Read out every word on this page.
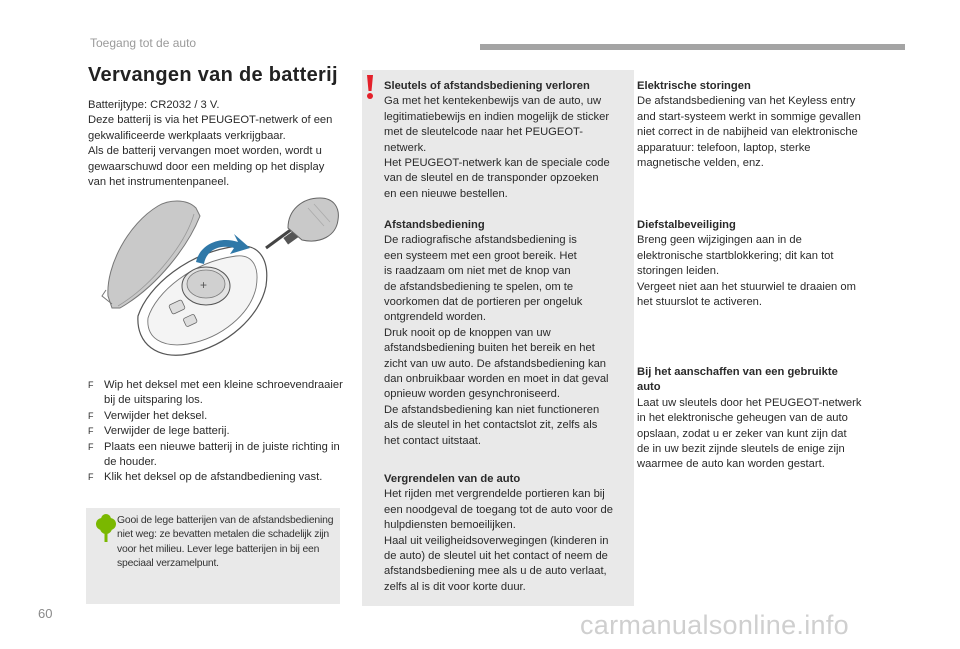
Toegang tot de auto
Vervangen van de batterij

Batterijtype: CR2032 / 3 V.

Deze batterij is via het PEUGEOT-netwerk of een gekwalificeerde werkplaats verkrijgbaar.

Als de batterij vervangen moet worden, wordt u gewaarschuwd door een melding op het display van het instrumentenpaneel.

+
F Wip het deksel met een kleine schroevendraaier bij de uitsparing los.
F Verwijder het deksel.
F Verwijder de lege batterij.
F Plaats een nieuwe batterij in de juiste richting in de houder.
F Klik het deksel op de afstandbediening vast.
Gooi de lege batterijen van de afstandsbediening niet weg: ze bevatten metalen die schadelijk zijn voor het milieu. Lever lege batterijen in bij een speciaal verzamelpunt.
Sleutels of afstandsbediening verloren
Ga met het kentekenbewijs van de auto, uw
legitimatiebewijs en indien mogelijk de sticker
met de sleutelcode naar het PEUGEOT-
netwerk.
Het PEUGEOT-netwerk kan de speciale code
van de sleutel en de transponder opzoeken
en een nieuwe bestellen.
Afstandsbediening
De radiografische afstandsbediening is
een systeem met een groot bereik. Het
is raadzaam om niet met de knop van
de afstandsbediening te spelen, om te
voorkomen dat de portieren per ongeluk
ontgrendeld worden.
Druk nooit op de knoppen van uw
afstandsbediening buiten het bereik en het
zicht van uw auto. De afstandsbediening kan
dan onbruikbaar worden en moet in dat geval
opnieuw worden gesynchroniseerd.
De afstandsbediening kan niet functioneren
als de sleutel in het contactslot zit, zelfs als
het contact uitstaat.
Vergrendelen van de auto
Het rijden met vergrendelde portieren kan bij
een noodgeval de toegang tot de auto voor de
hulpdiensten bemoeilijken.
Haal uit veiligheidsoverwegingen (kinderen in
de auto) de sleutel uit het contact of neem de
afstandsbediening mee als u de auto verlaat,
zelfs al is dit voor korte duur.
Elektrische storingen
De afstandsbediening van het Keyless entry
and start-systeem werkt in sommige gevallen
niet correct in de nabijheid van elektronische
apparatuur: telefoon, laptop, sterke
magnetische velden, enz.
Diefstalbeveiliging
Breng geen wijzigingen aan in de
elektronische startblokkering; dit kan tot
storingen leiden.
Vergeet niet aan het stuurwiel te draaien om
het stuurslot te activeren.
Bij het aanschaffen van een gebruikte
auto
Laat uw sleutels door het PEUGEOT-netwerk
in het elektronische geheugen van de auto
opslaan, zodat u er zeker van kunt zijn dat
de in uw bezit zijnde sleutels de enige zijn
waarmee de auto kan worden gestart.
60	carmanualsonline.info
